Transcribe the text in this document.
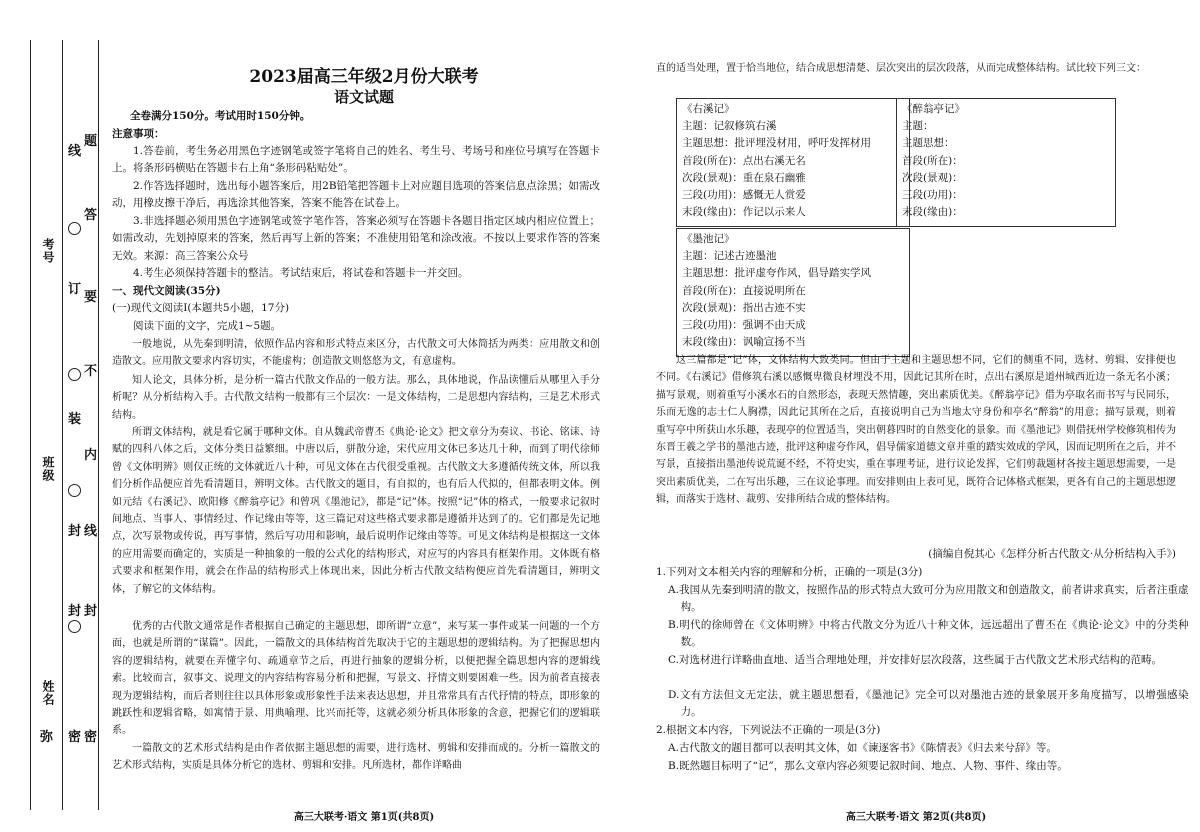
考号
班级
姓名
弥
封
线
订
装
封
密
题
答
要
不
内
线
封
密
2023届高三年级2月份大联考
语文试题

全卷满分150分。考试用时150分钟。

注意事项：

1.答卷前，考生务必用黑色字迹钢笔或签字笔将自己的姓名、考生号、考场号和座位号填写在答题卡上。将条形码横贴在答题卡右上角“条形码粘贴处”。

2.作答选择题时，选出每小题答案后，用2B铅笔把答题卡上对应题目选项的答案信息点涂黑；如需改动，用橡皮擦干净后，再选涂其他答案，答案不能答在试卷上。

3.非选择题必须用黑色字迹钢笔或签字笔作答，答案必须写在答题卡各题目指定区域内相应位置上；如需改动，先划掉原来的答案，然后再写上新的答案；不准使用铅笔和涂改液。不按以上要求作答的答案无效。来源：高三答案公众号

4.考生必须保持答题卡的整洁。考试结束后，将试卷和答题卡一并交回。

一、现代文阅读(35分)

(一)现代文阅读Ⅰ(本题共5小题，17分)

阅读下面的文字，完成1~5题。

一般地说，从先秦到明清，依照作品内容和形式特点来区分，古代散文可大体简括为两类：应用散文和创造散文。应用散文要求内容切实，不能虚构；创造散文则悠悠为文，有意虚构。

知人论文，具体分析，是分析一篇古代散文作品的一般方法。那么，具体地说，作品读懂后从哪里入手分析呢？从分析结构入手。古代散文结构一般都有三个层次：一是文体结构，二是思想内容结构，三是艺术形式结构。

所谓文体结构，就是看它属于哪种文体。自从魏武帝曹丕《典论·论文》把文章分为奏议、书论、铭诔、诗赋的四科八体之后，文体分类日益繁细。中唐以后，骈散分途，宋代应用文体已多达几十种，而到了明代徐师曾《文体明辨》则仅正统的文体就近八十种，可见文体在古代很受重视。古代散文大多遵循传统文体，所以我们分析作品便应首先看清题目，辨明文体。古代散文的题目，有自拟的，也有后人代拟的，但都表明文体。例如元结《右溪记》、欧阳修《醉翁亭记》和曾巩《墨池记》，都是“记”体。按照“记”体的格式，一般要求记叙时间地点、当事人、事情经过、作记缘由等等，这三篇记对这些格式要求都是遵循并达到了的。它们都是先记地点，次写景物或传说，再写事情，然后写功用和影响，最后说明作记缘由等等。可见文体结构是根据这一文体的应用需要而确定的，实质是一种抽象的一般的公式化的结构形式，对应写的内容具有框架作用。文体既有格式要求和框架作用，就会在作品的结构形式上体现出来，因此分析古代散文结构便应首先看清题目，辨明文体，了解它的文体结构。

优秀的古代散文通常是作者根据自己确定的主题思想，即所谓“立意”，来写某一事件或某一问题的一个方面，也就是所谓的“谋篇”。因此，一篇散文的具体结构首先取决于它的主题思想的逻辑结构。为了把握思想内容的逻辑结构，就要在弄懂字句、疏通章节之后，再进行抽象的逻辑分析，以便把握全篇思想内容的逻辑线索。比较而言，叙事文、说理文的内容结构容易分析和把握，写景文、抒情文则要困难一些。因为前者直接表现为逻辑结构，而后者则往往以具体形象或形象性手法来表达思想，并且常常具有古代抒情的特点，即形象的跳跃性和逻辑省略，如寓情于景、用典喻理、比兴而托等，这就必须分析具体形象的含意，把握它们的逻辑联系。

一篇散文的艺术形式结构是由作者依据主题思想的需要，进行选材、剪辑和安排而成的。分析一篇散文的艺术形式结构，实质是具体分析它的选材、剪辑和安排。凡所选材，都作详略曲

高三大联考·语文 第1页(共8页)

直的适当处理，置于恰当地位，结合成思想清楚、层次突出的层次段落，从而完成整体结构。试比较下列三文：

《右溪记》
主题：记叙修筑右溪
主题思想：批评埋没材用，呼吁发挥材用
首段(所在)：点出右溪无名
次段(景观)：重在泉石幽雅
三段(功用)：感慨无人赏爱
末段(缘由)：作记以示来人
《醉翁亭记》
主题：
主题思想：
首段(所在)：
次段(景观)：
三段(功用)：
末段(缘由)：
《墨池记》
主题：记述古迹墨池
主题思想：批评虚夸作风，倡导踏实学风
首段(所在)：直接说明所在
次段(景观)：指出古迹不实
三段(功用)：强调不由天成
末段(缘由)：讽喻宣扬不当

这三篇都是“记”体，文体结构大致类同。但由于主题和主题思想不同，它们的侧重不同，选材、剪辑、安排便也不同。《右溪记》借修筑右溪以感慨卑微良材埋没不用，因此记其所在时，点出右溪原是道州城西近边一条无名小溪；描写景观，则着重写小溪水石的自然形态，表现天然情趣，突出素质优美。《醉翁亭记》借为亭取名而书写与民同乐，乐而无逸的志士仁人胸襟，因此记其所在之后，直接说明自己为当地太守身份和亭名“醉翁”的用意；描写景观，则着重写亭中所获山水乐趣，表现亭的位置适当，突出朝暮四时的自然变化的景象。而《墨池记》则借抚州学校修筑相传为东晋王羲之学书的墨池古迹，批评这种虚夸作风，倡导儒家道德文章并重的踏实效成的学风，因而记明所在之后，并不写景，直接指出墨池传说荒诞不经，不符史实，重在事理考证，进行议论发挥，它们剪裁题材各按主题思想需要，一是突出素质优美，二在写出乐趣，三在议论事理。而安排则由上表可见，既符合记体格式框架，更各有自己的主题思想逻辑，而落实于选材、裁剪、安排所结合成的整体结构。

(摘编自倪其心《怎样分析古代散文·从分析结构入手》)

1.下列对文本相关内容的理解和分析，正确的一项是(3分)

A.我国从先秦到明清的散文，按照作品的形式特点大致可分为应用散文和创造散文，前者讲求真实，后者注重虚构。

B.明代的徐师曾在《文体明辨》中将古代散文分为近八十种文体，远远超出了曹丕在《典论·论文》中的分类种数。

C.对选材进行详略曲直地、适当合理地处理，并安排好层次段落，这些属于古代散文艺术形式结构的范畴。

D.文有方法但文无定法，就主题思想看，《墨池记》完全可以对墨池古迹的景象展开多角度描写，以增强感染力。

2.根据文本内容，下列说法不正确的一项是(3分)

A.古代散文的题目都可以表明其文体，如《谏逐客书》《陈情表》《归去来兮辞》等。

B.既然题目标明了“记”，那么文章内容必须要记叙时间、地点、人物、事件、缘由等。

高三大联考·语文 第2页(共8页)
